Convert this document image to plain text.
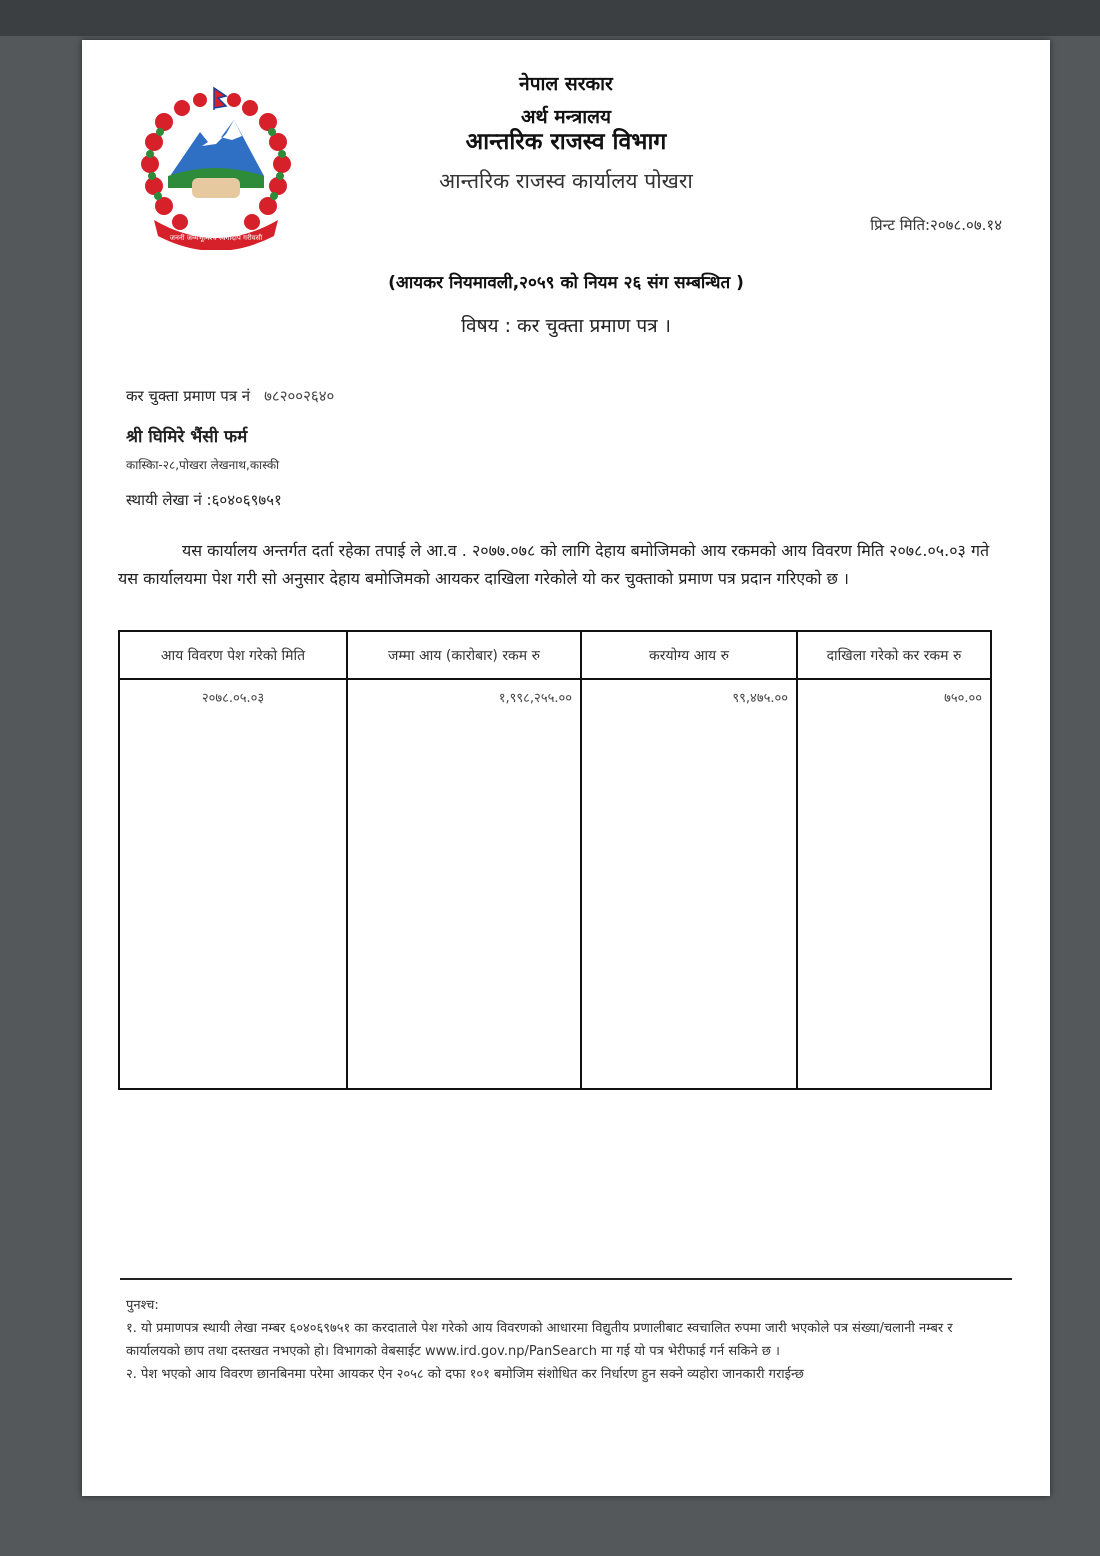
जननी जन्मभूमिश्च स्वर्गादपि गरीयसी
नेपाल सरकार
अर्थ मन्त्रालय
आन्तरिक राजस्व विभाग
आन्तरिक राजस्व कार्यालय पोखरा
प्रिन्ट मिति:२०७८.०७.१४
(आयकर नियमावली,२०५९ को नियम २६ संग सम्बन्धित )
विषय : कर चुक्ता प्रमाण पत्र ।
कर चुक्ता प्रमाण पत्र नं ७८२००२६४०
श्री घिमिरे भैंसी फर्म
कास्किा-२८,पोखरा लेखनाथ,कास्की
स्थायी लेखा नं :६०४०६९७५१
यस कार्यालय अन्तर्गत दर्ता रहेका तपाई ले आ.व . २०७७.०७८ को लागि देहाय बमोजिमको आय रकमको आय विवरण मिति २०७८.०५.०३ गते यस कार्यालयमा पेश गरी सो अनुसार देहाय बमोजिमको आयकर दाखिला गरेकोले यो कर चुक्ताको प्रमाण पत्र प्रदान गरिएको छ ।
आय विवरण पेश गरेको मिति	जम्मा आय (कारोबार) रकम रु	करयोग्य आय रु	दाखिला गरेको कर रकम रु
२०७८.०५.०३	१,९९८,२५५.००	९९,४७५.००	७५०.००

पुनश्च:

१. यो प्रमाणपत्र स्थायी लेखा नम्बर ६०४०६९७५१ का करदाताले पेश गरेको आय विवरणको आधारमा विद्युतीय प्रणालीबाट स्वचालित रुपमा जारी भएकोले पत्र संख्या/चलानी नम्बर र कार्यालयको छाप तथा दस्तखत नभएको हो। विभागको वेबसाईट www.ird.gov.np/PanSearch मा गई यो पत्र भेरीफाई गर्न सकिने छ ।

२. पेश भएको आय विवरण छानबिनमा परेमा आयकर ऐन २०५८ को दफा १०१ बमोजिम संशोधित कर निर्धारण हुन सक्ने व्यहोरा जानकारी गराईन्छ
